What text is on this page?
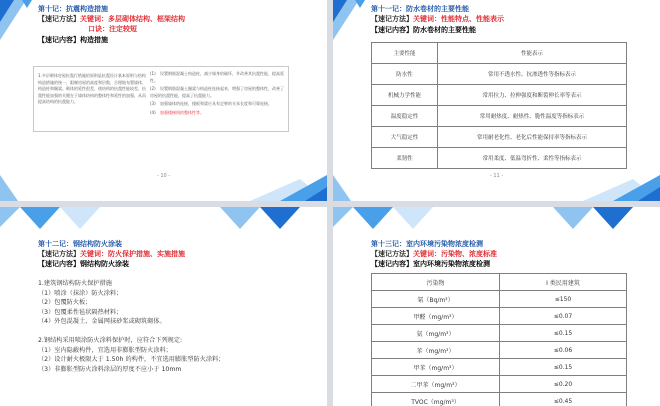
第十记：抗震构造措施
【速记方法】关键词：多层砌体结构、框架结构
口诀：注定较短
【速记内容】构造措施
1.多层砌体房屋抗震行措施的原则是抗震设计基本原则与结构构造措施的统一，限制房屋的高度和层数，合理地布置墙体、构造柱和圈梁。砌体的延性很差，使结构的抗震性能较差，抗震性能加强的关键在于墙体结构的整体性和延性的加强，从而提高结构的抗震能力。
(1) 设置钢筋混凝土构造柱，减少墙身的破坏，并改善其抗震性能，提高延性。
(2) 设置钢筋混凝土圈梁与构造柱连接起来，增强了房屋的整体性，改善了房屋的抗震性能，提高了抗震能力。
(3) 加强墙体的连接，楼板和梁应具有足够的支承长度和可靠连接。
(4) 加强楼梯间的整体性等。
- 10 -
第十一记：防水卷材的主要性能
【速记方法】关键词：性能特点、性能表示
【速记内容】防水卷材的主要性能
主要性能	性能表示
防水性	常用不透水性、抗渗透性等指标表示
机械力学性能	常用拉力、拉伸强度和断裂伸长率等表示
温度稳定性	常用耐热度、耐热性、脆性温度等指标表示
大气稳定性	常用耐老化性、老化后性能保持率等指标表示
柔韧性	常用柔度、低温弯折性、柔性等指标表示
- 11 -
第十二记：钢结构防火涂装
【速记方法】关键词：防火保护措施、实施措施
【速记内容】钢结构防火涂装
1.建筑钢结构防火保护措施
（1）喷涂（抹涂）防火涂料；
（2）包覆防火板；
（3）包覆柔性毡状隔热材料；
（4）外包混凝土、金属网抹砂浆或砌筑砌体。
2.钢结构采用喷涂防火涂料保护时，应符合下列规定:
（1）室内隐蔽构件，宜选用非膨胀型防火涂料；
（2）设计耐火极限大于 1.50h 的构件，不宜选用膨胀型防火涂料；
（3）非膨胀型防火涂料涂层的厚度不应小于 10mm
第十三记：室内环境污染物浓度检测
【速记方法】关键词：污染物、浓度标准
【速记内容】室内环境污染物浓度检测
污染物	I 类民用建筑
氡（Bq/m³）	≤150
甲醛（mg/m³）	≤0.07
氨（mg/m³）	≤0.15
苯（mg/m³）	≤0.06
甲苯（mg/m³）	≤0.15
二甲苯（mg/m³）	≤0.20
TVOC（mg/m³）	≤0.45
